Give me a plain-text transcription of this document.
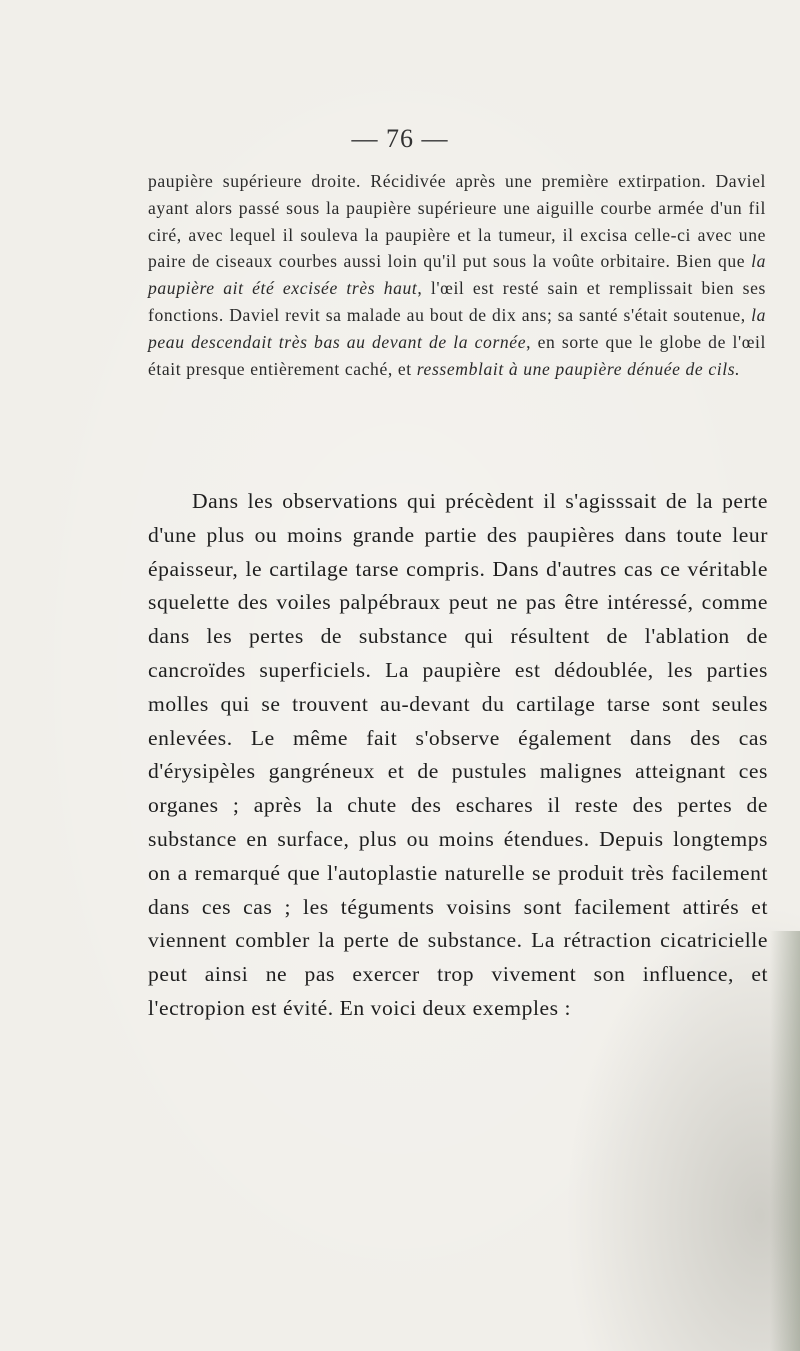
— 76 —
paupière supérieure droite. Récidivée après une première extirpation. Daviel ayant alors passé sous la paupière supérieure une aiguille courbe armée d'un fil ciré, avec lequel il souleva la paupière et la tumeur, il excisa celle-ci avec une paire de ciseaux courbes aussi loin qu'il put sous la voûte orbitaire. Bien que la paupière ait été excisée très haut, l'œil est resté sain et remplissait bien ses fonctions. Daviel revit sa malade au bout de dix ans; sa santé s'était soutenue, la peau descendait très bas au devant de la cornée, en sorte que le globe de l'œil était presque entièrement caché, et ressemblait à une paupière dénuée de cils.
Dans les observations qui précèdent il s'agisssait de la perte d'une plus ou moins grande partie des paupières dans toute leur épaisseur, le cartilage tarse compris. Dans d'autres cas ce véritable squelette des voiles palpébraux peut ne pas être intéressé, comme dans les pertes de substance qui résultent de l'ablation de cancroïdes superficiels. La paupière est dédoublée, les parties molles qui se trouvent au-devant du cartilage tarse sont seules enlevées. Le même fait s'observe également dans des cas d'érysipèles gangréneux et de pustules malignes atteignant ces organes ; après la chute des eschares il reste des pertes de substance en surface, plus ou moins étendues. Depuis longtemps on a remarqué que l'autoplastie naturelle se produit très facilement dans ces cas ; les téguments voisins sont facilement attirés et viennent combler la perte de substance. La rétraction cicatricielle peut ainsi ne pas exercer trop vivement son influence, et l'ectropion est évité. En voici deux exemples :
